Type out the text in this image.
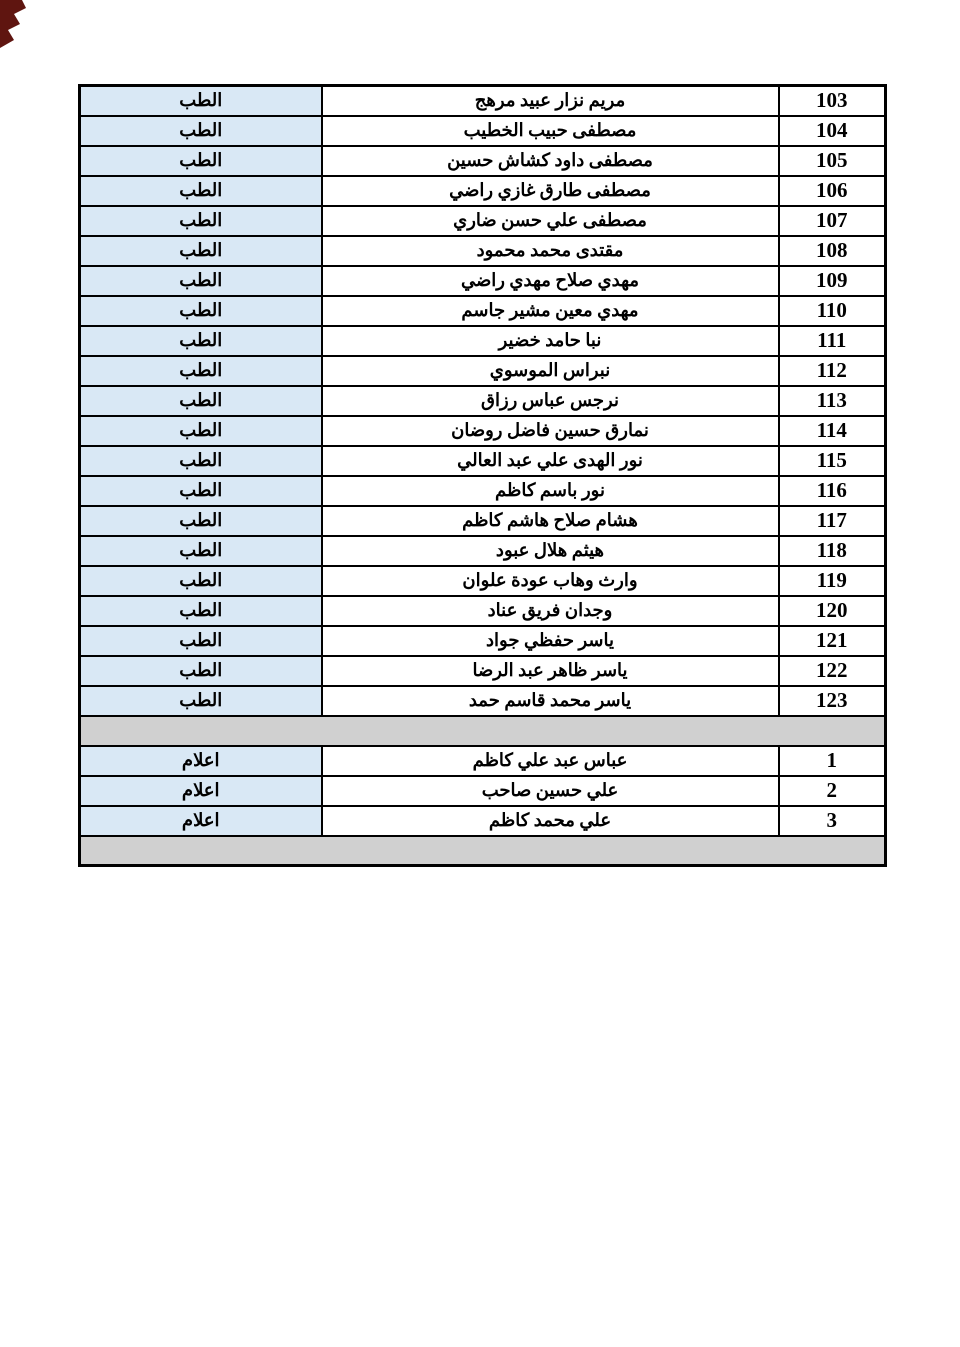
103	مريم نزار عبيد مرهج	الطب
104	مصطفى حبيب الخطيب	الطب
105	مصطفى داود كشاش حسين	الطب
106	مصطفى طارق غازي راضي	الطب
107	مصطفى علي حسن ضاري	الطب
108	مقتدى محمد محمود	الطب
109	مهدي صلاح مهدي راضي	الطب
110	مهدي معين مشير جاسم	الطب
111	نبا حامد خضير	الطب
112	نبراس الموسوي	الطب
113	نرجس عباس رزاق	الطب
114	نمارق حسين فاضل روضان	الطب
115	نور الهدى علي عبد العالي	الطب
116	نور باسم كاظم	الطب
117	هشام صلاح هاشم كاظم	الطب
118	هيثم هلال عبود	الطب
119	وارث وهاب عودة علوان	الطب
120	وجدان فريق عناد	الطب
121	ياسر حفظي جواد	الطب
122	ياسر ظاهر عبد الرضا	الطب
123	ياسر محمد قاسم حمد	الطب

1	عباس عبد علي كاظم	اعلام
2	علي حسين صاحب	اعلام
3	علي محمد كاظم	اعلام
